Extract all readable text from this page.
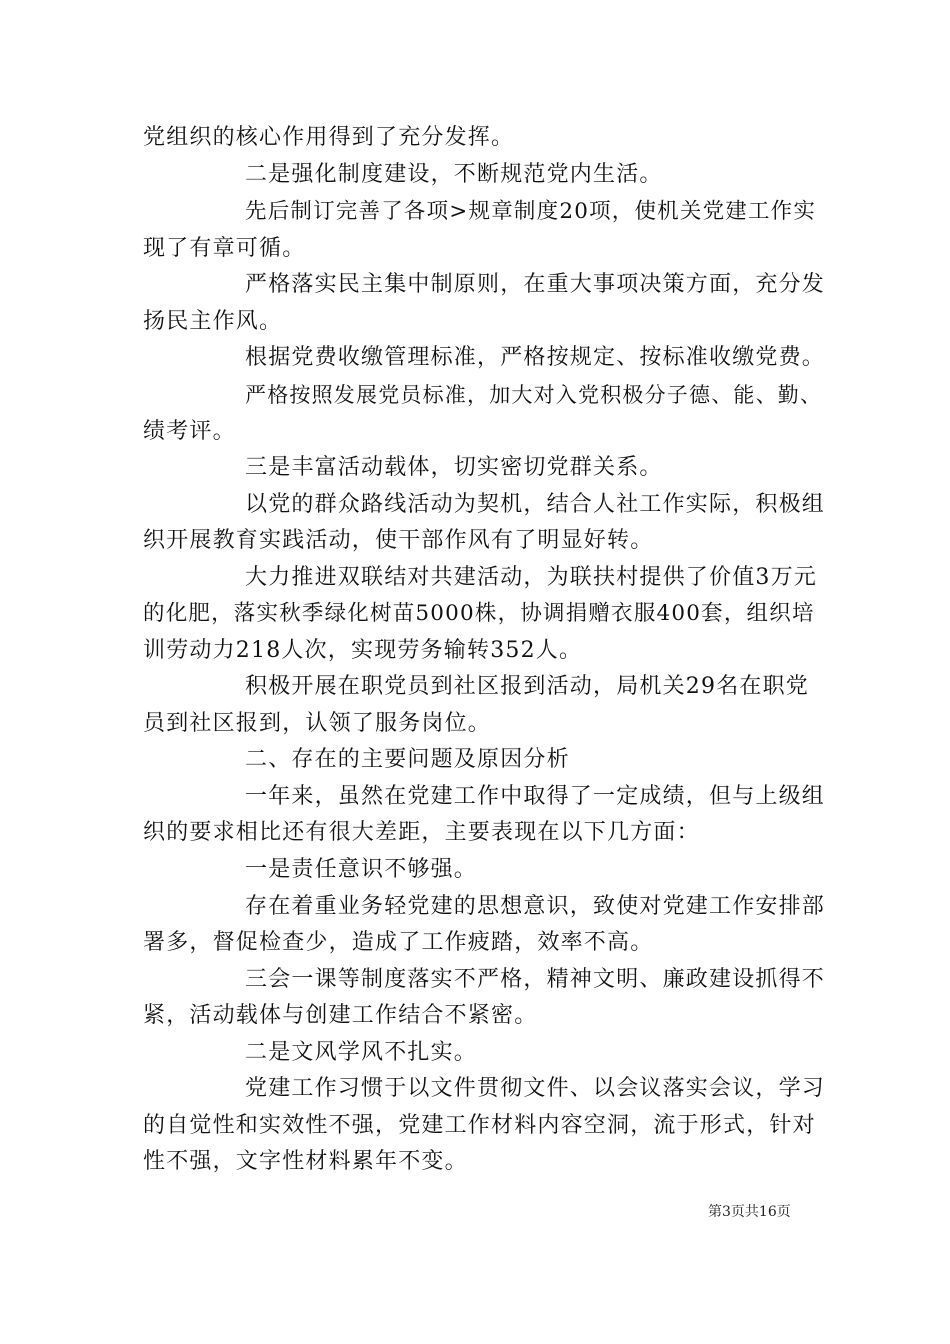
党组织的核心作用得到了充分发挥。
二是强化制度建设，不断规范党内生活。
先后制订完善了各项>规章制度20项，使机关党建工作实
现了有章可循。
严格落实民主集中制原则，在重大事项决策方面，充分发
扬民主作风。
根据党费收缴管理标准，严格按规定、按标准收缴党费。
严格按照发展党员标准，加大对入党积极分子德、能、勤、
绩考评。
三是丰富活动载体，切实密切党群关系。
以党的群众路线活动为契机，结合人社工作实际，积极组
织开展教育实践活动，使干部作风有了明显好转。
大力推进双联结对共建活动，为联扶村提供了价值3万元
的化肥，落实秋季绿化树苗5000株，协调捐赠衣服400套，组织培
训劳动力218人次，实现劳务输转352人。
积极开展在职党员到社区报到活动，局机关29名在职党
员到社区报到，认领了服务岗位。
二、存在的主要问题及原因分析
一年来，虽然在党建工作中取得了一定成绩，但与上级组
织的要求相比还有很大差距，主要表现在以下几方面：
一是责任意识不够强。
存在着重业务轻党建的思想意识，致使对党建工作安排部
署多，督促检查少，造成了工作疲踏，效率不高。
三会一课等制度落实不严格，精神文明、廉政建设抓得不
紧，活动载体与创建工作结合不紧密。
二是文风学风不扎实。
党建工作习惯于以文件贯彻文件、以会议落实会议，学习
的自觉性和实效性不强，党建工作材料内容空洞，流于形式，针对
性不强，文字性材料累年不变。
第3页共16页
